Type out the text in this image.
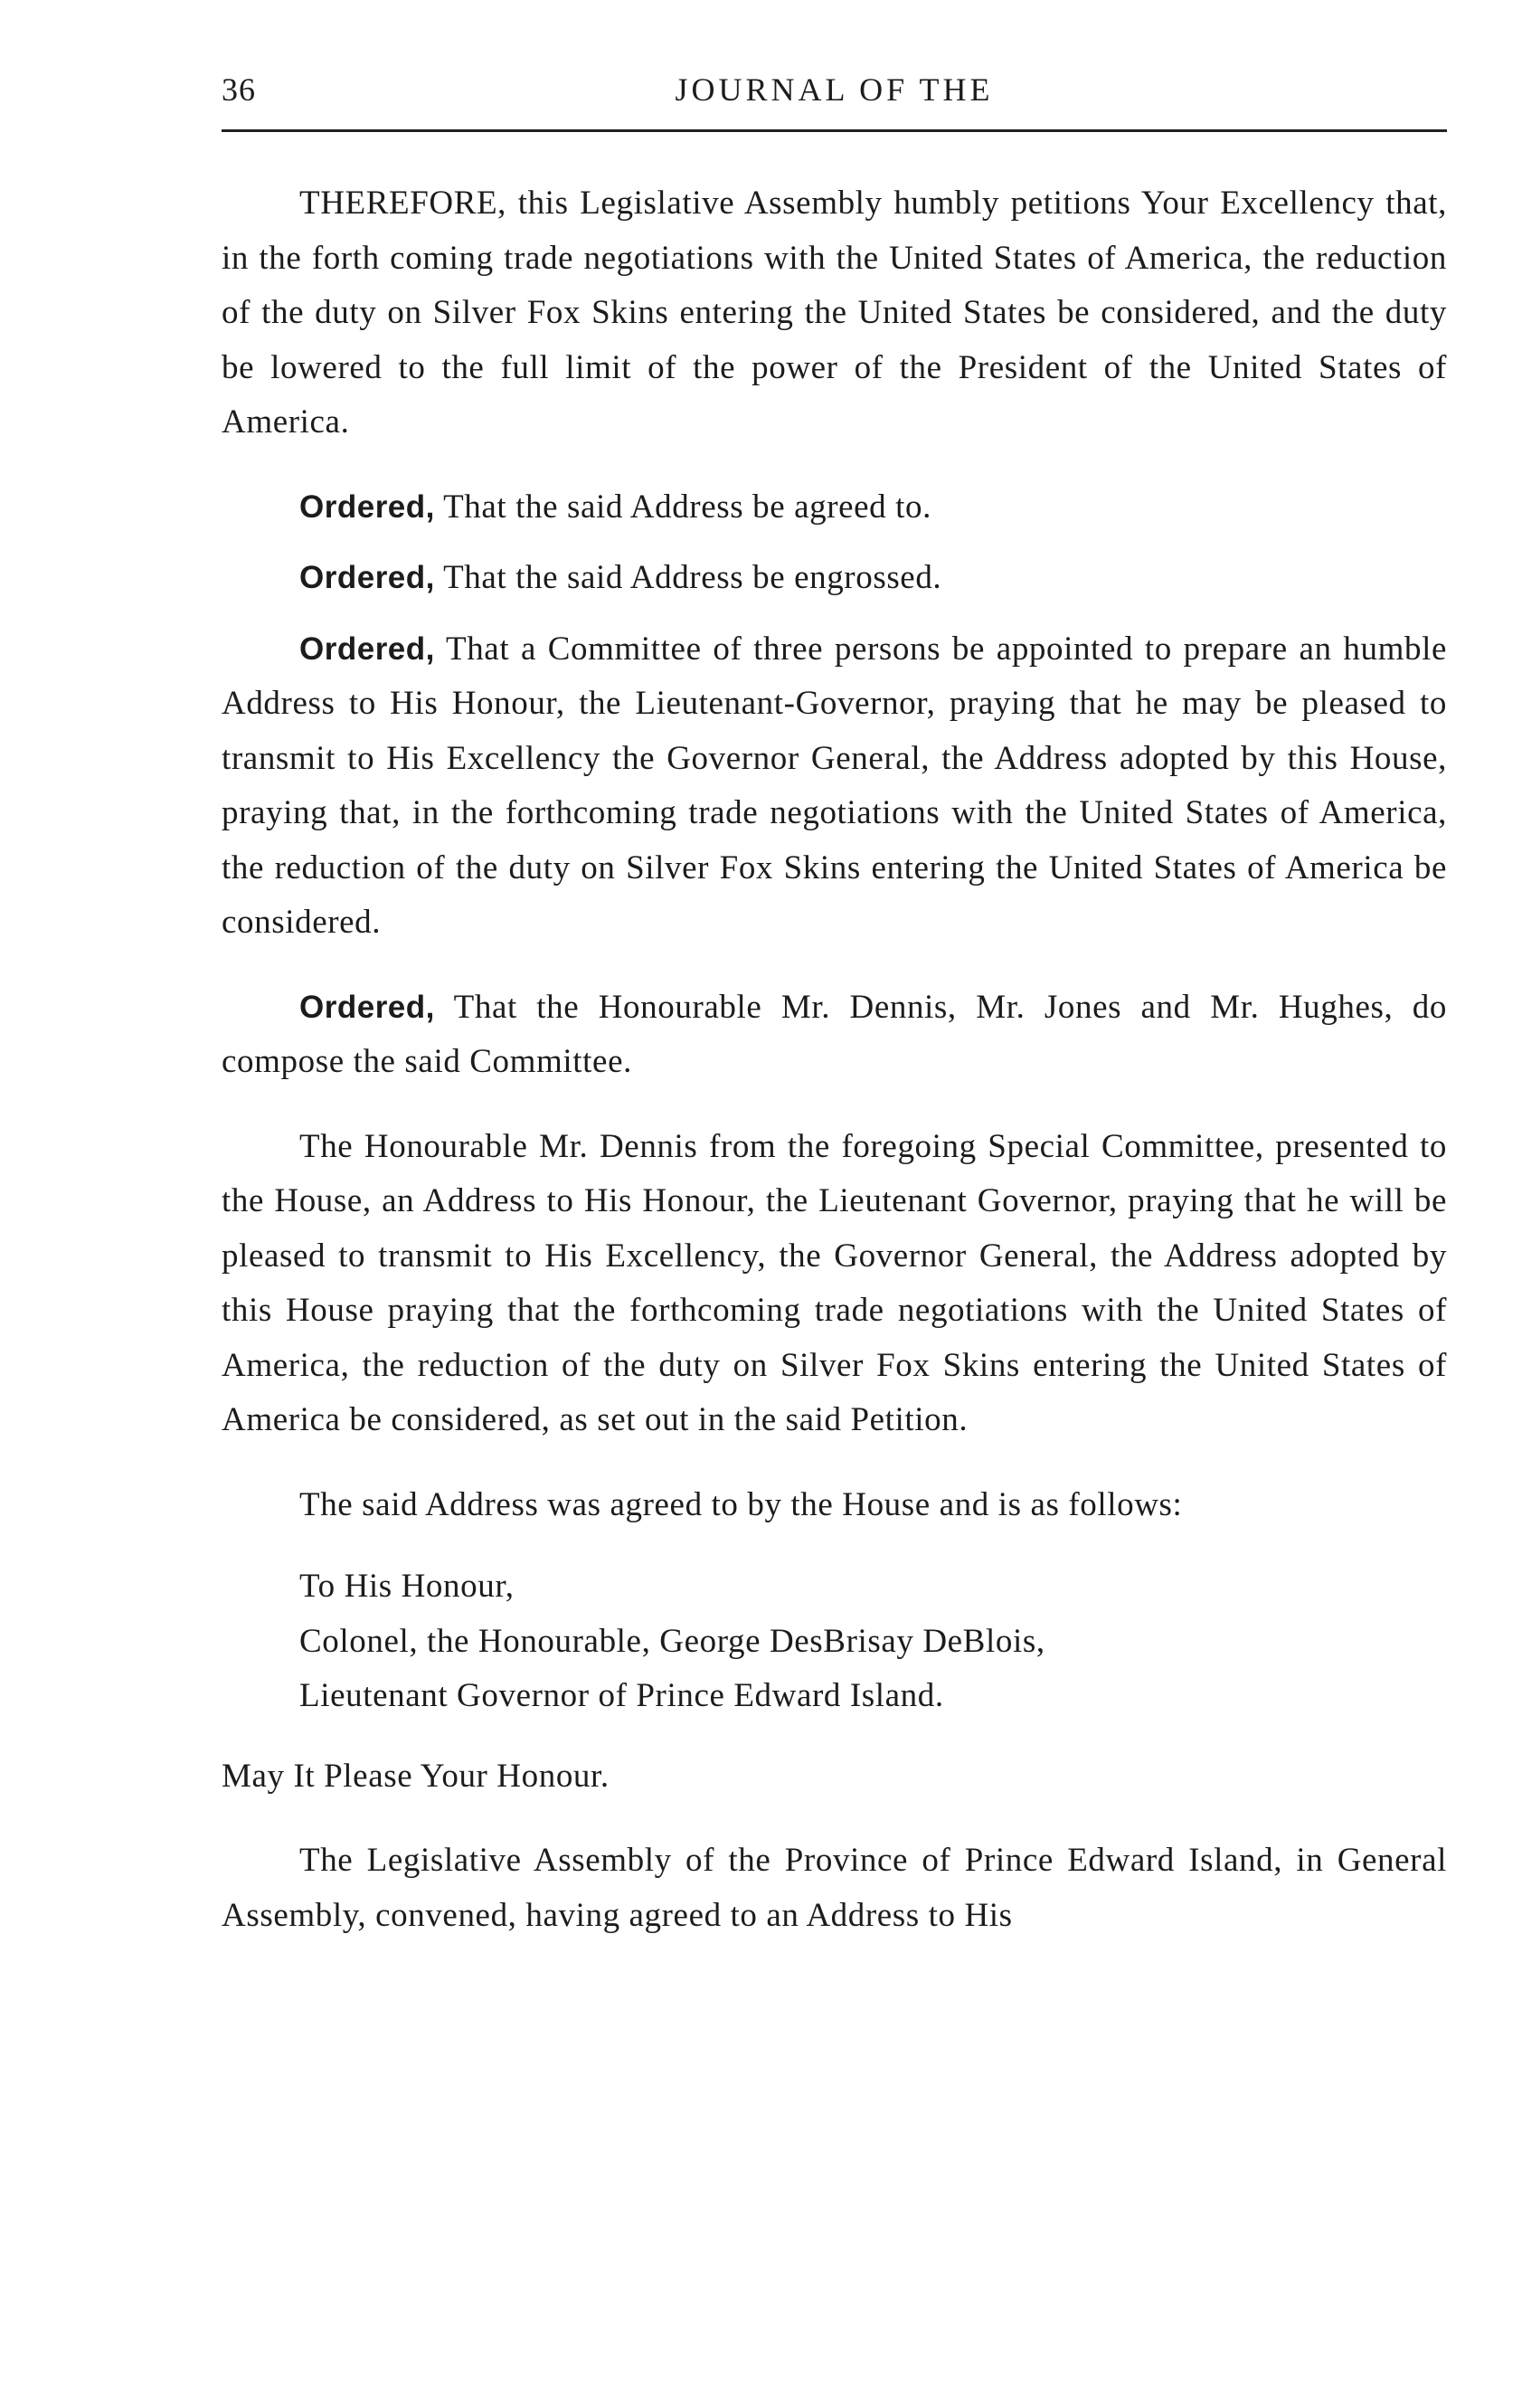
36	JOURNAL OF THE

THEREFORE, this Legislative Assembly humbly petitions Your Excellency that, in the forth coming trade negotiations with the United States of America, the reduction of the duty on Silver Fox Skins entering the United States be considered, and the duty be lowered to the full limit of the power of the President of the United States of America.

Ordered, That the said Address be agreed to.

Ordered, That the said Address be engrossed.

Ordered, That a Committee of three persons be appointed to prepare an humble Address to His Honour, the Lieutenant-Governor, praying that he may be pleased to transmit to His Excellency the Governor General, the Address adopted by this House, praying that, in the forthcoming trade negotiations with the United States of America, the reduction of the duty on Silver Fox Skins entering the United States of America be considered.

Ordered, That the Honourable Mr. Dennis, Mr. Jones and Mr. Hughes, do compose the said Committee.

The Honourable Mr. Dennis from the foregoing Special Committee, presented to the House, an Address to His Honour, the Lieutenant Governor, praying that he will be pleased to transmit to His Excellency, the Governor General, the Address adopted by this House praying that the forthcoming trade negotiations with the United States of America, the reduction of the duty on Silver Fox Skins entering the United States of America be considered, as set out in the said Petition.

The said Address was agreed to by the House and is as follows:

To His Honour,
Colonel, the Honourable, George DesBrisay DeBlois,
Lieutenant Governor of Prince Edward Island.
May It Please Your Honour.

The Legislative Assembly of the Province of Prince Edward Island, in General Assembly, convened, having agreed to an Address to His
